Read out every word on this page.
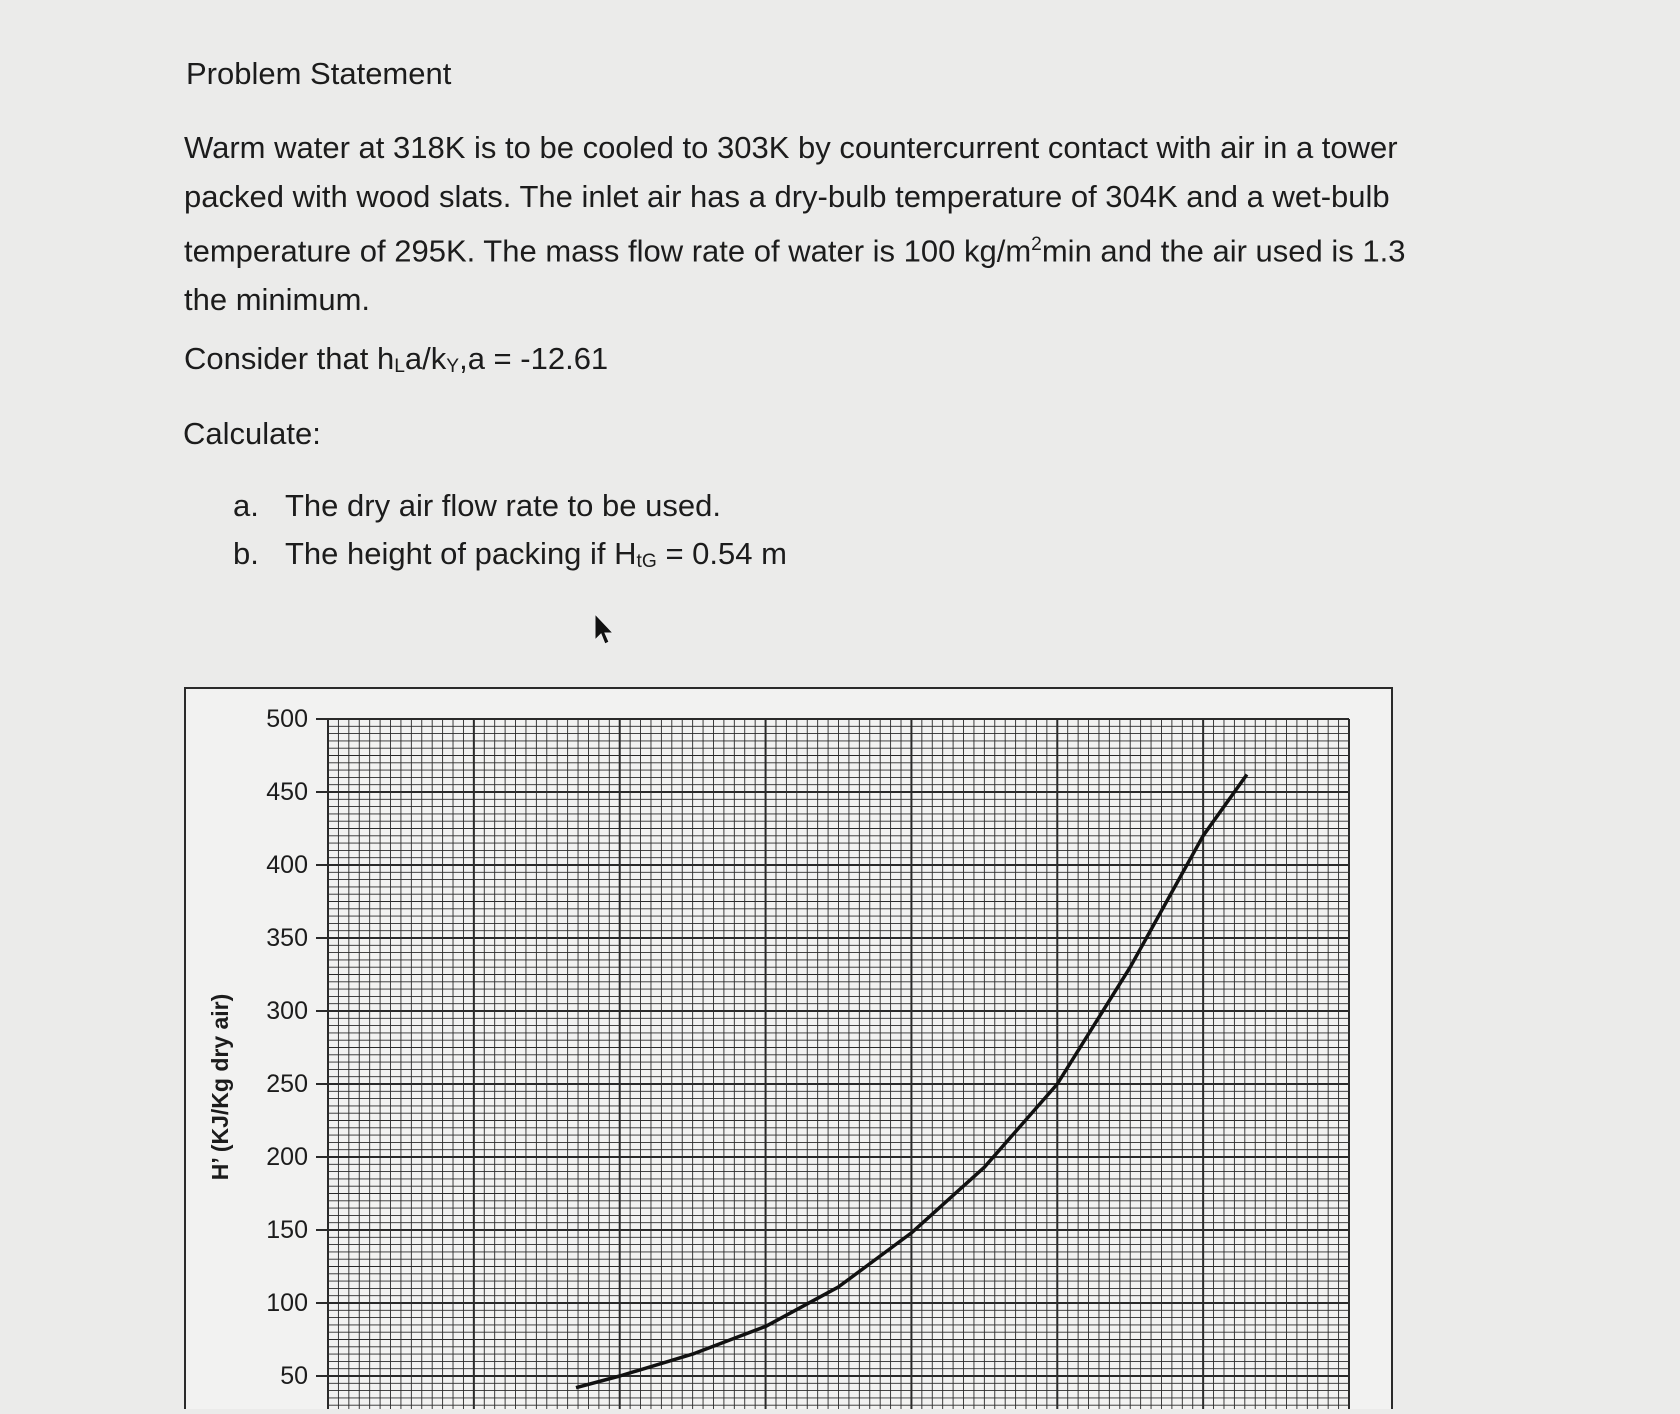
Problem Statement
Warm water at 318K is to be cooled to 303K by countercurrent contact with air in a tower
packed with wood slats. The inlet air has a dry-bulb temperature of 304K and a wet-bulb
temperature of 295K. The mass flow rate of water is 100 $kg/m^2\min$ and the air used is 1.3
the minimum.
Consider that hLa/kY,a = -12.61
Calculate:
a. The dry air flow rate to be used.
b. The height of packing if HtG = 0.54 m
500
450
400
350
300
250
200
150
100
50
H’ (KJ/Kg dry air)
